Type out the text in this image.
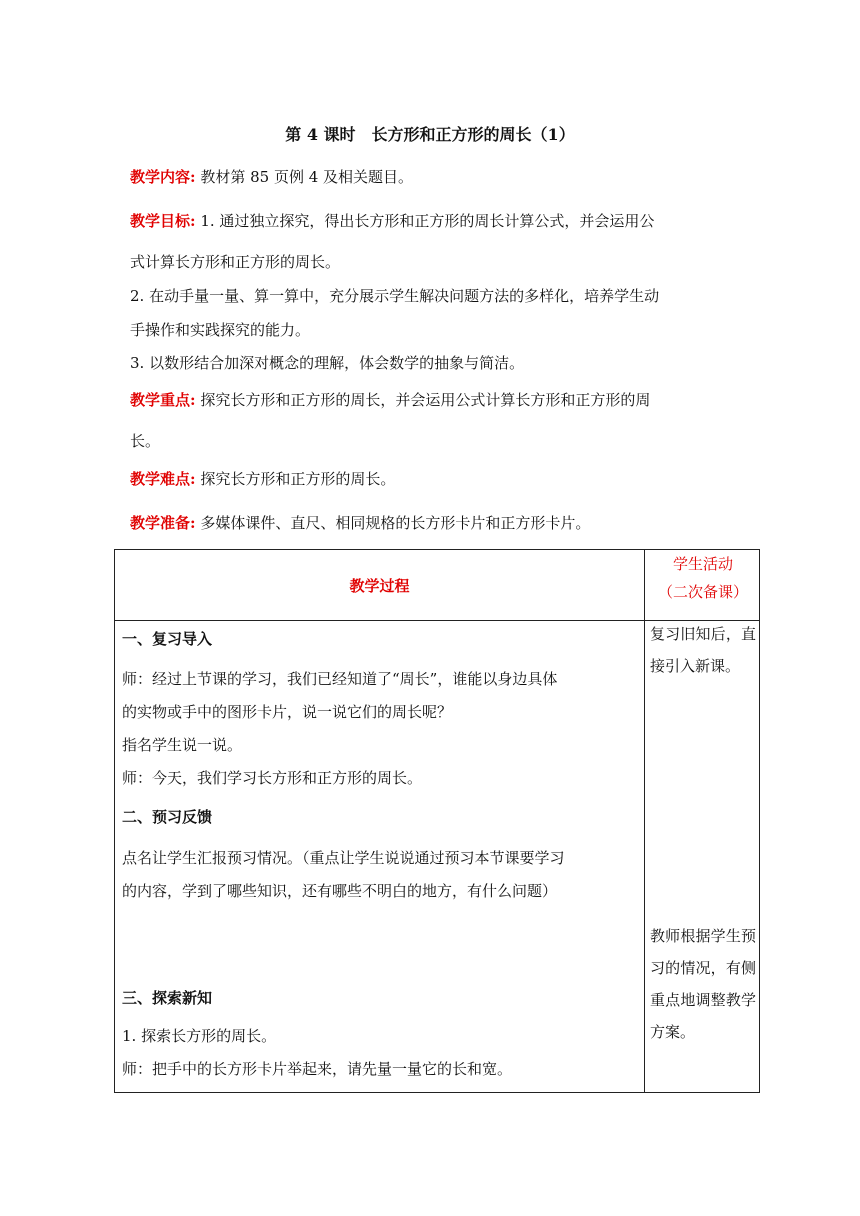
第 4 课时　长方形和正方形的周长（1）
教学内容: 教材第 85 页例 4 及相关题目。
教学目标: 1. 通过独立探究，得出长方形和正方形的周长计算公式，并会运用公
式计算长方形和正方形的周长。
2. 在动手量一量、算一算中，充分展示学生解决问题方法的多样化，培养学生动
手操作和实践探究的能力。
3. 以数形结合加深对概念的理解，体会数学的抽象与简洁。
教学重点: 探究长方形和正方形的周长，并会运用公式计算长方形和正方形的周
长。
教学难点: 探究长方形和正方形的周长。
教学准备: 多媒体课件、直尺、相同规格的长方形卡片和正方形卡片。
教学过程
学生活动
（二次备课）
一、复习导入
师：经过上节课的学习，我们已经知道了“周长”，谁能以身边具体
的实物或手中的图形卡片，说一说它们的周长呢？
指名学生说一说。
师：今天，我们学习长方形和正方形的周长。
二、预习反馈
点名让学生汇报预习情况。（重点让学生说说通过预习本节课要学习
的内容，学到了哪些知识，还有哪些不明白的地方，有什么问题）
三、探索新知
1. 探索长方形的周长。
师：把手中的长方形卡片举起来，请先量一量它的长和宽。
复习旧知后，直接引入新课。
教师根据学生预习的情况，有侧重点地调整教学方案。
